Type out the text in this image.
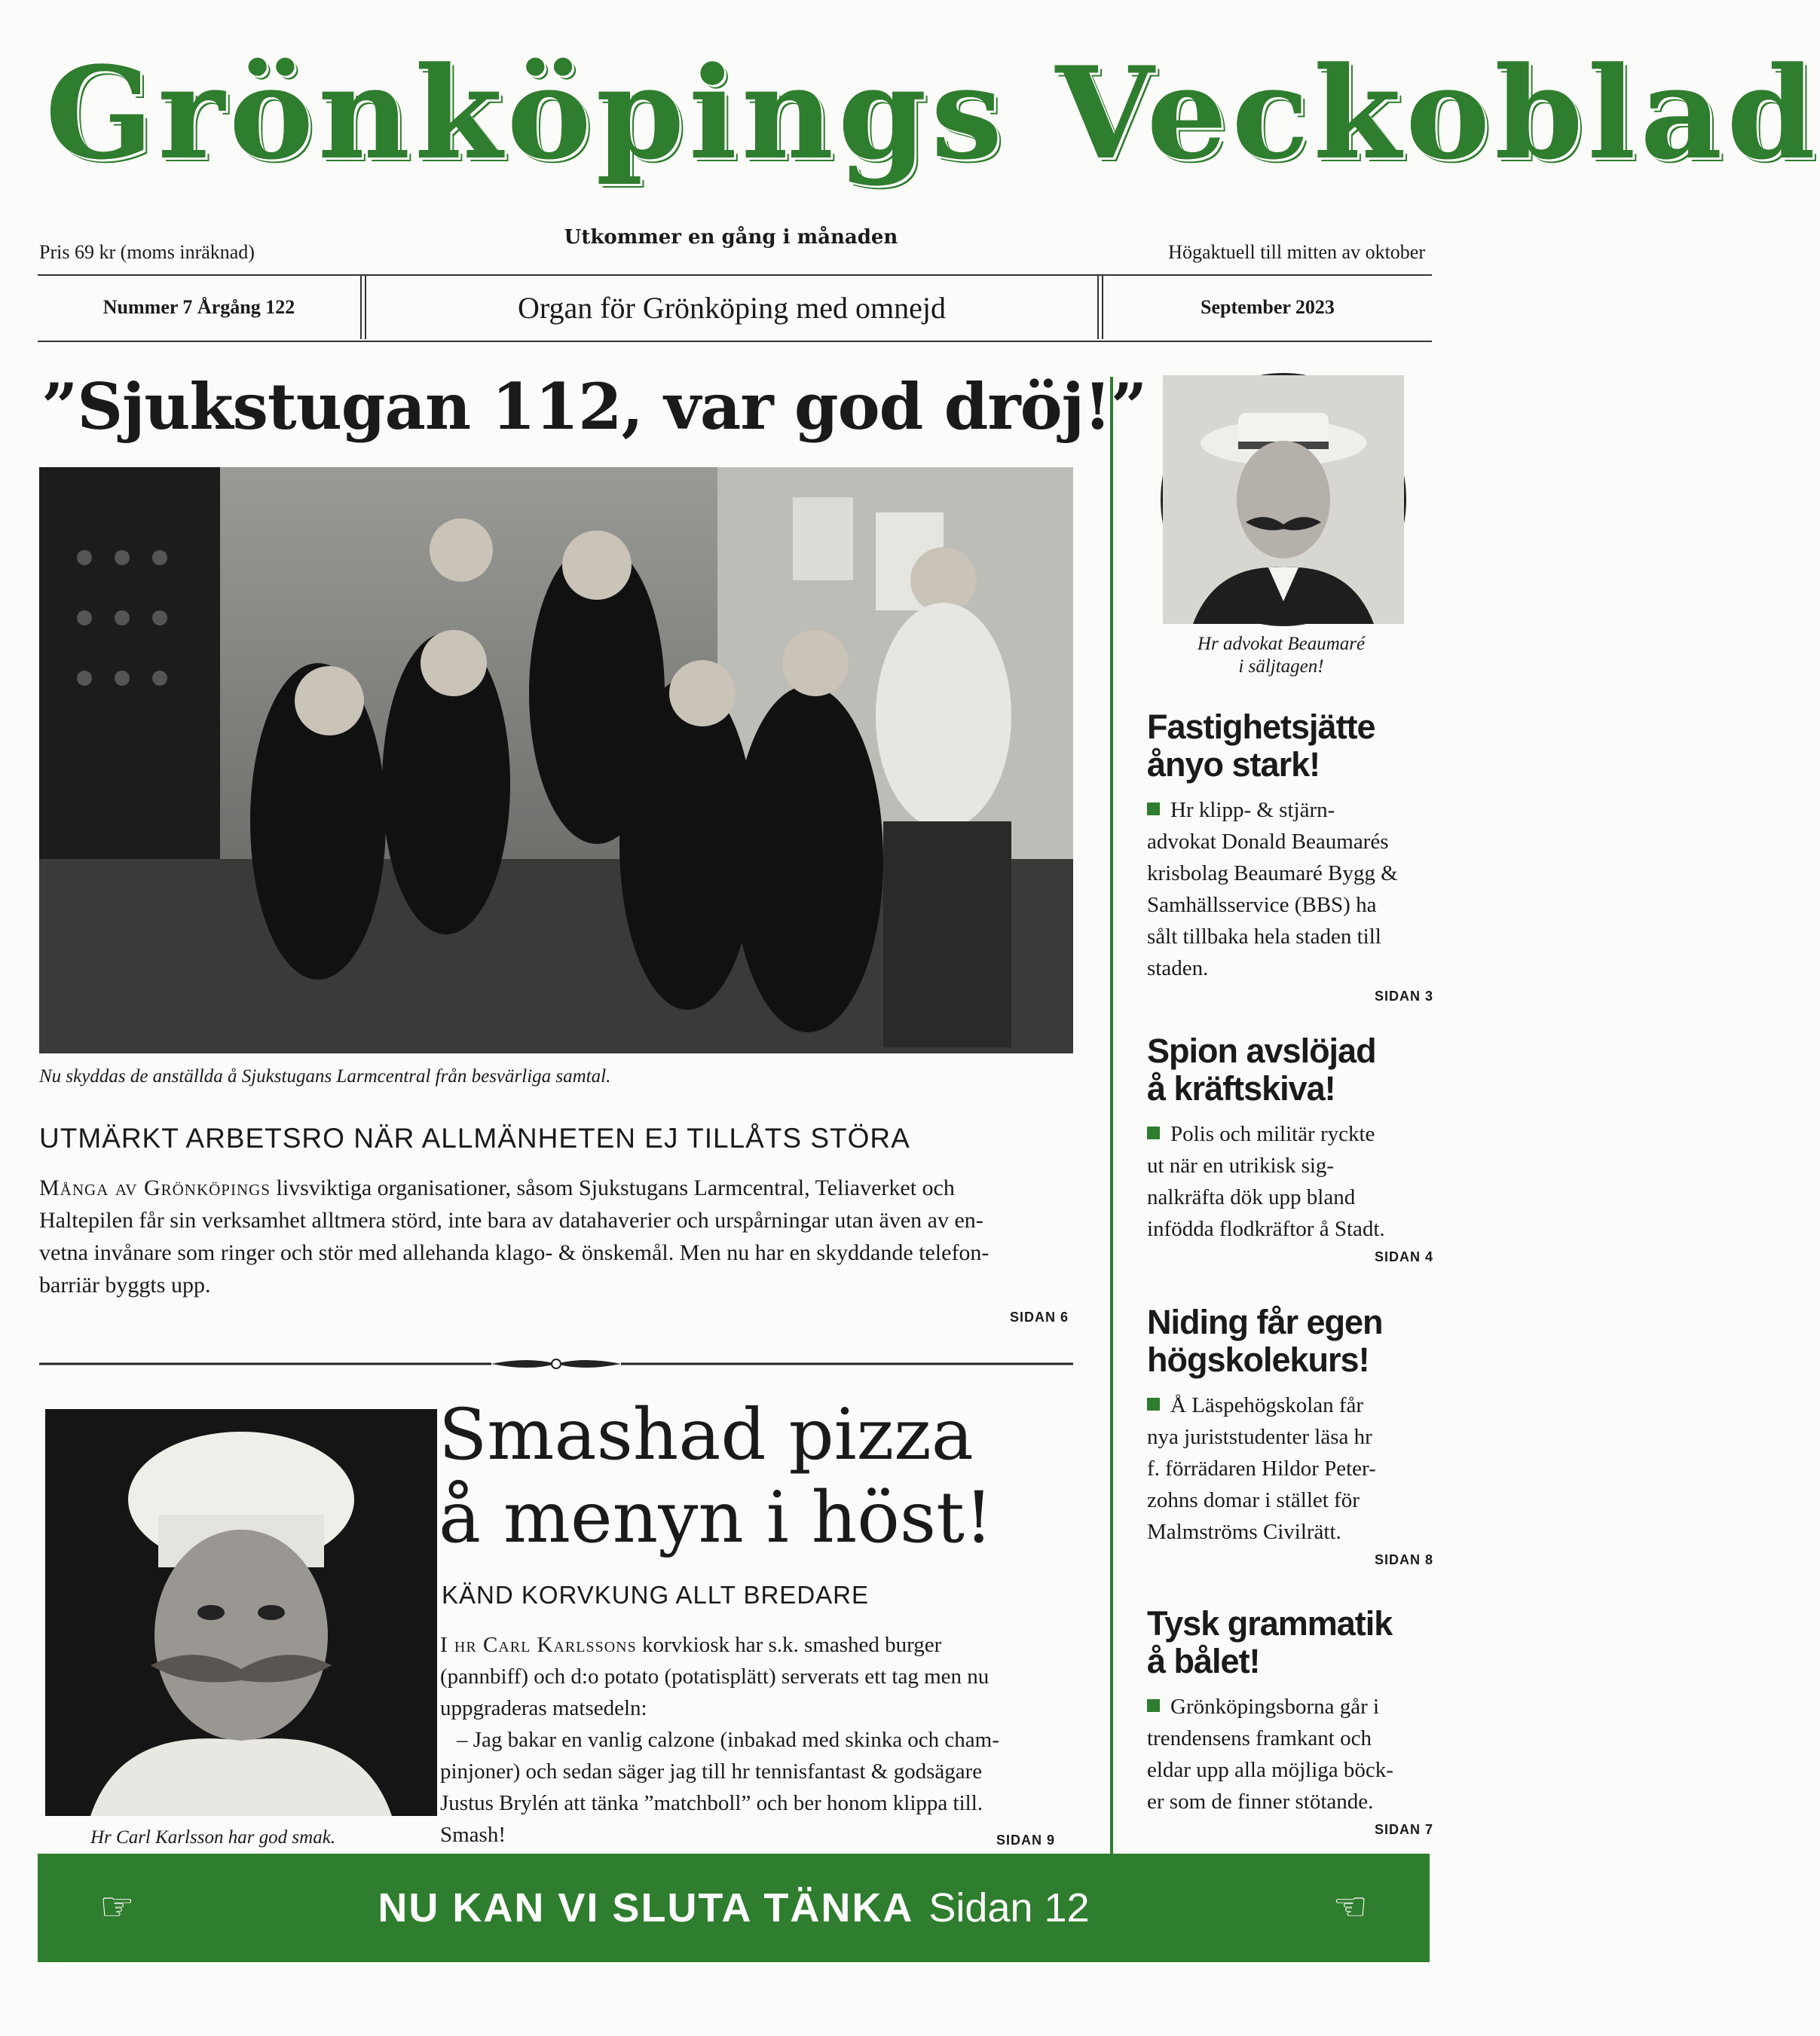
Grönköpings Veckoblad
Pris 69 kr (moms inräknad)
Utkommer en gång i månaden
Högaktuell till mitten av oktober
Nummer 7 Årgång 122	Organ för Grönköping med omnejd	September 2023
”Sjukstugan 112, var god dröj!”
Nu skyddas de anställda å Sjukstugans Larmcentral från besvärliga samtal.
UTMÄRKT ARBETSRO NÄR ALLMÄNHETEN EJ TILLÅTS STÖRA
Många av Grönköpings livsviktiga organisationer, såsom Sjukstugans Larmcentral, Teliaverket och
Haltepilen får sin verksamhet alltmera störd, inte bara av datahaverier och urspårningar utan även av en-
vetna invånare som ringer och stör med allehanda klago- & önskemål. Men nu har en skyddande telefon-
barriär byggts upp.
SIDAN 6
Hr Carl Karlsson har god smak.
Smashad pizza
å menyn i höst!
KÄND KORVKUNG ALLT BREDARE
I hr Carl Karlssons korvkiosk har s.k. smashed burger
(pannbiff) och d:o potato (potatisplätt) serverats ett tag men nu
uppgraderas matsedeln:
– Jag bakar en vanlig calzone (inbakad med skinka och cham-
pinjoner) och sedan säger jag till hr tennisfantast & godsägare
Justus Brylén att tänka ”matchboll” och ber honom klippa till.
Smash!	SIDAN 9
Hr advokat Beaumaré
i säljtagen!
Fastighetsjätte
ånyo stark!
Hr klipp- & stjärn-
advokat Donald Beaumarés
krisbolag Beaumaré Bygg &
Samhällsservice (BBS) ha
sålt tillbaka hela staden till
staden.
SIDAN 3
Spion avslöjad
å kräftskiva!
Polis och militär ryckte
ut när en utrikisk sig-
nalkräfta dök upp bland
infödda flodkräftor å Stadt.
SIDAN 4
Niding får egen
högskolekurs!
Å Läspehögskolan får
nya juriststudenter läsa hr
f. förrädaren Hildor Peter-
zohns domar i stället för
Malmströms Civilrätt.
SIDAN 8
Tysk grammatik
å bålet!
Grönköpingsborna går i
trendensens framkant och
eldar upp alla möjliga böck-
er som de finner stötande.
SIDAN 7
☞	NU KAN VI SLUTA TÄNKA Sidan 12	☜
